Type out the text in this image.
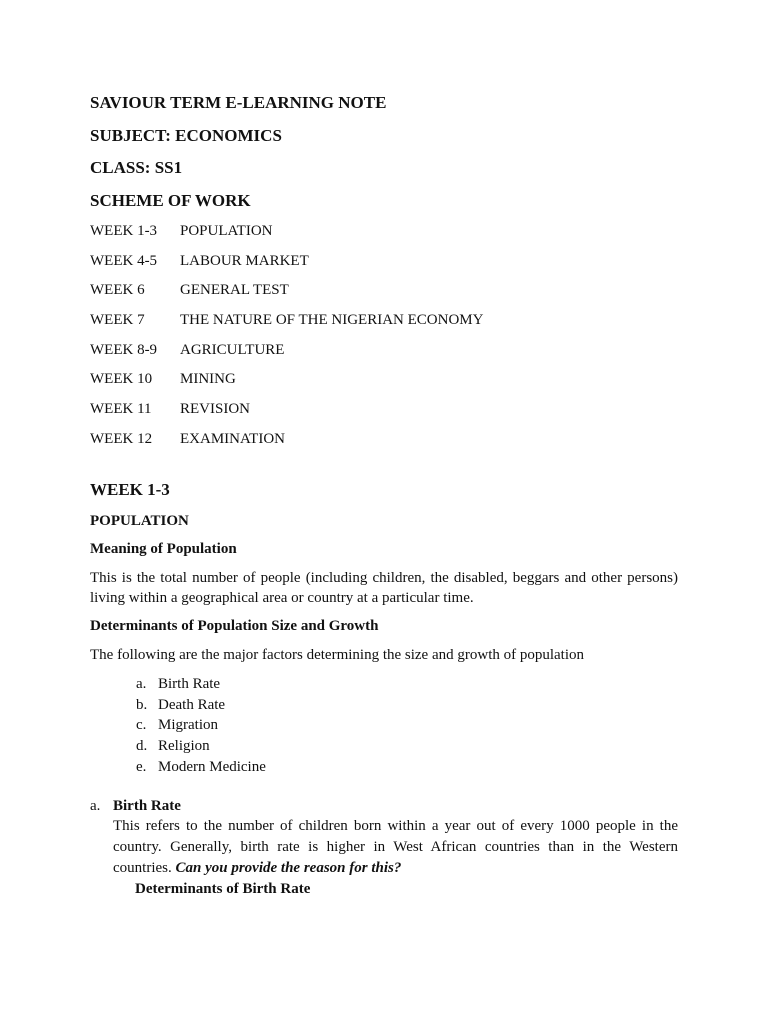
SAVIOUR TERM E-LEARNING NOTE
SUBJECT: ECONOMICS
CLASS: SS1
SCHEME OF WORK
WEEK 1-3	POPULATION
WEEK 4-5	LABOUR MARKET
WEEK 6	GENERAL TEST
WEEK 7	THE NATURE OF THE NIGERIAN ECONOMY
WEEK 8-9	AGRICULTURE
WEEK 10	MINING
WEEK 11	REVISION
WEEK 12	EXAMINATION
WEEK 1-3
POPULATION
Meaning of Population
This is the total number of people (including children, the disabled, beggars and other persons) living within a geographical area or country at a particular time.
Determinants of Population Size and Growth
The following are the major factors determining the size and growth of population
a. Birth Rate
b. Death Rate
c. Migration
d. Religion
e. Modern Medicine
a. Birth Rate
This refers to the number of children born within a year out of every 1000 people in the country. Generally, birth rate is higher in West African countries than in the Western countries. Can you provide the reason for this?
Determinants of Birth Rate
